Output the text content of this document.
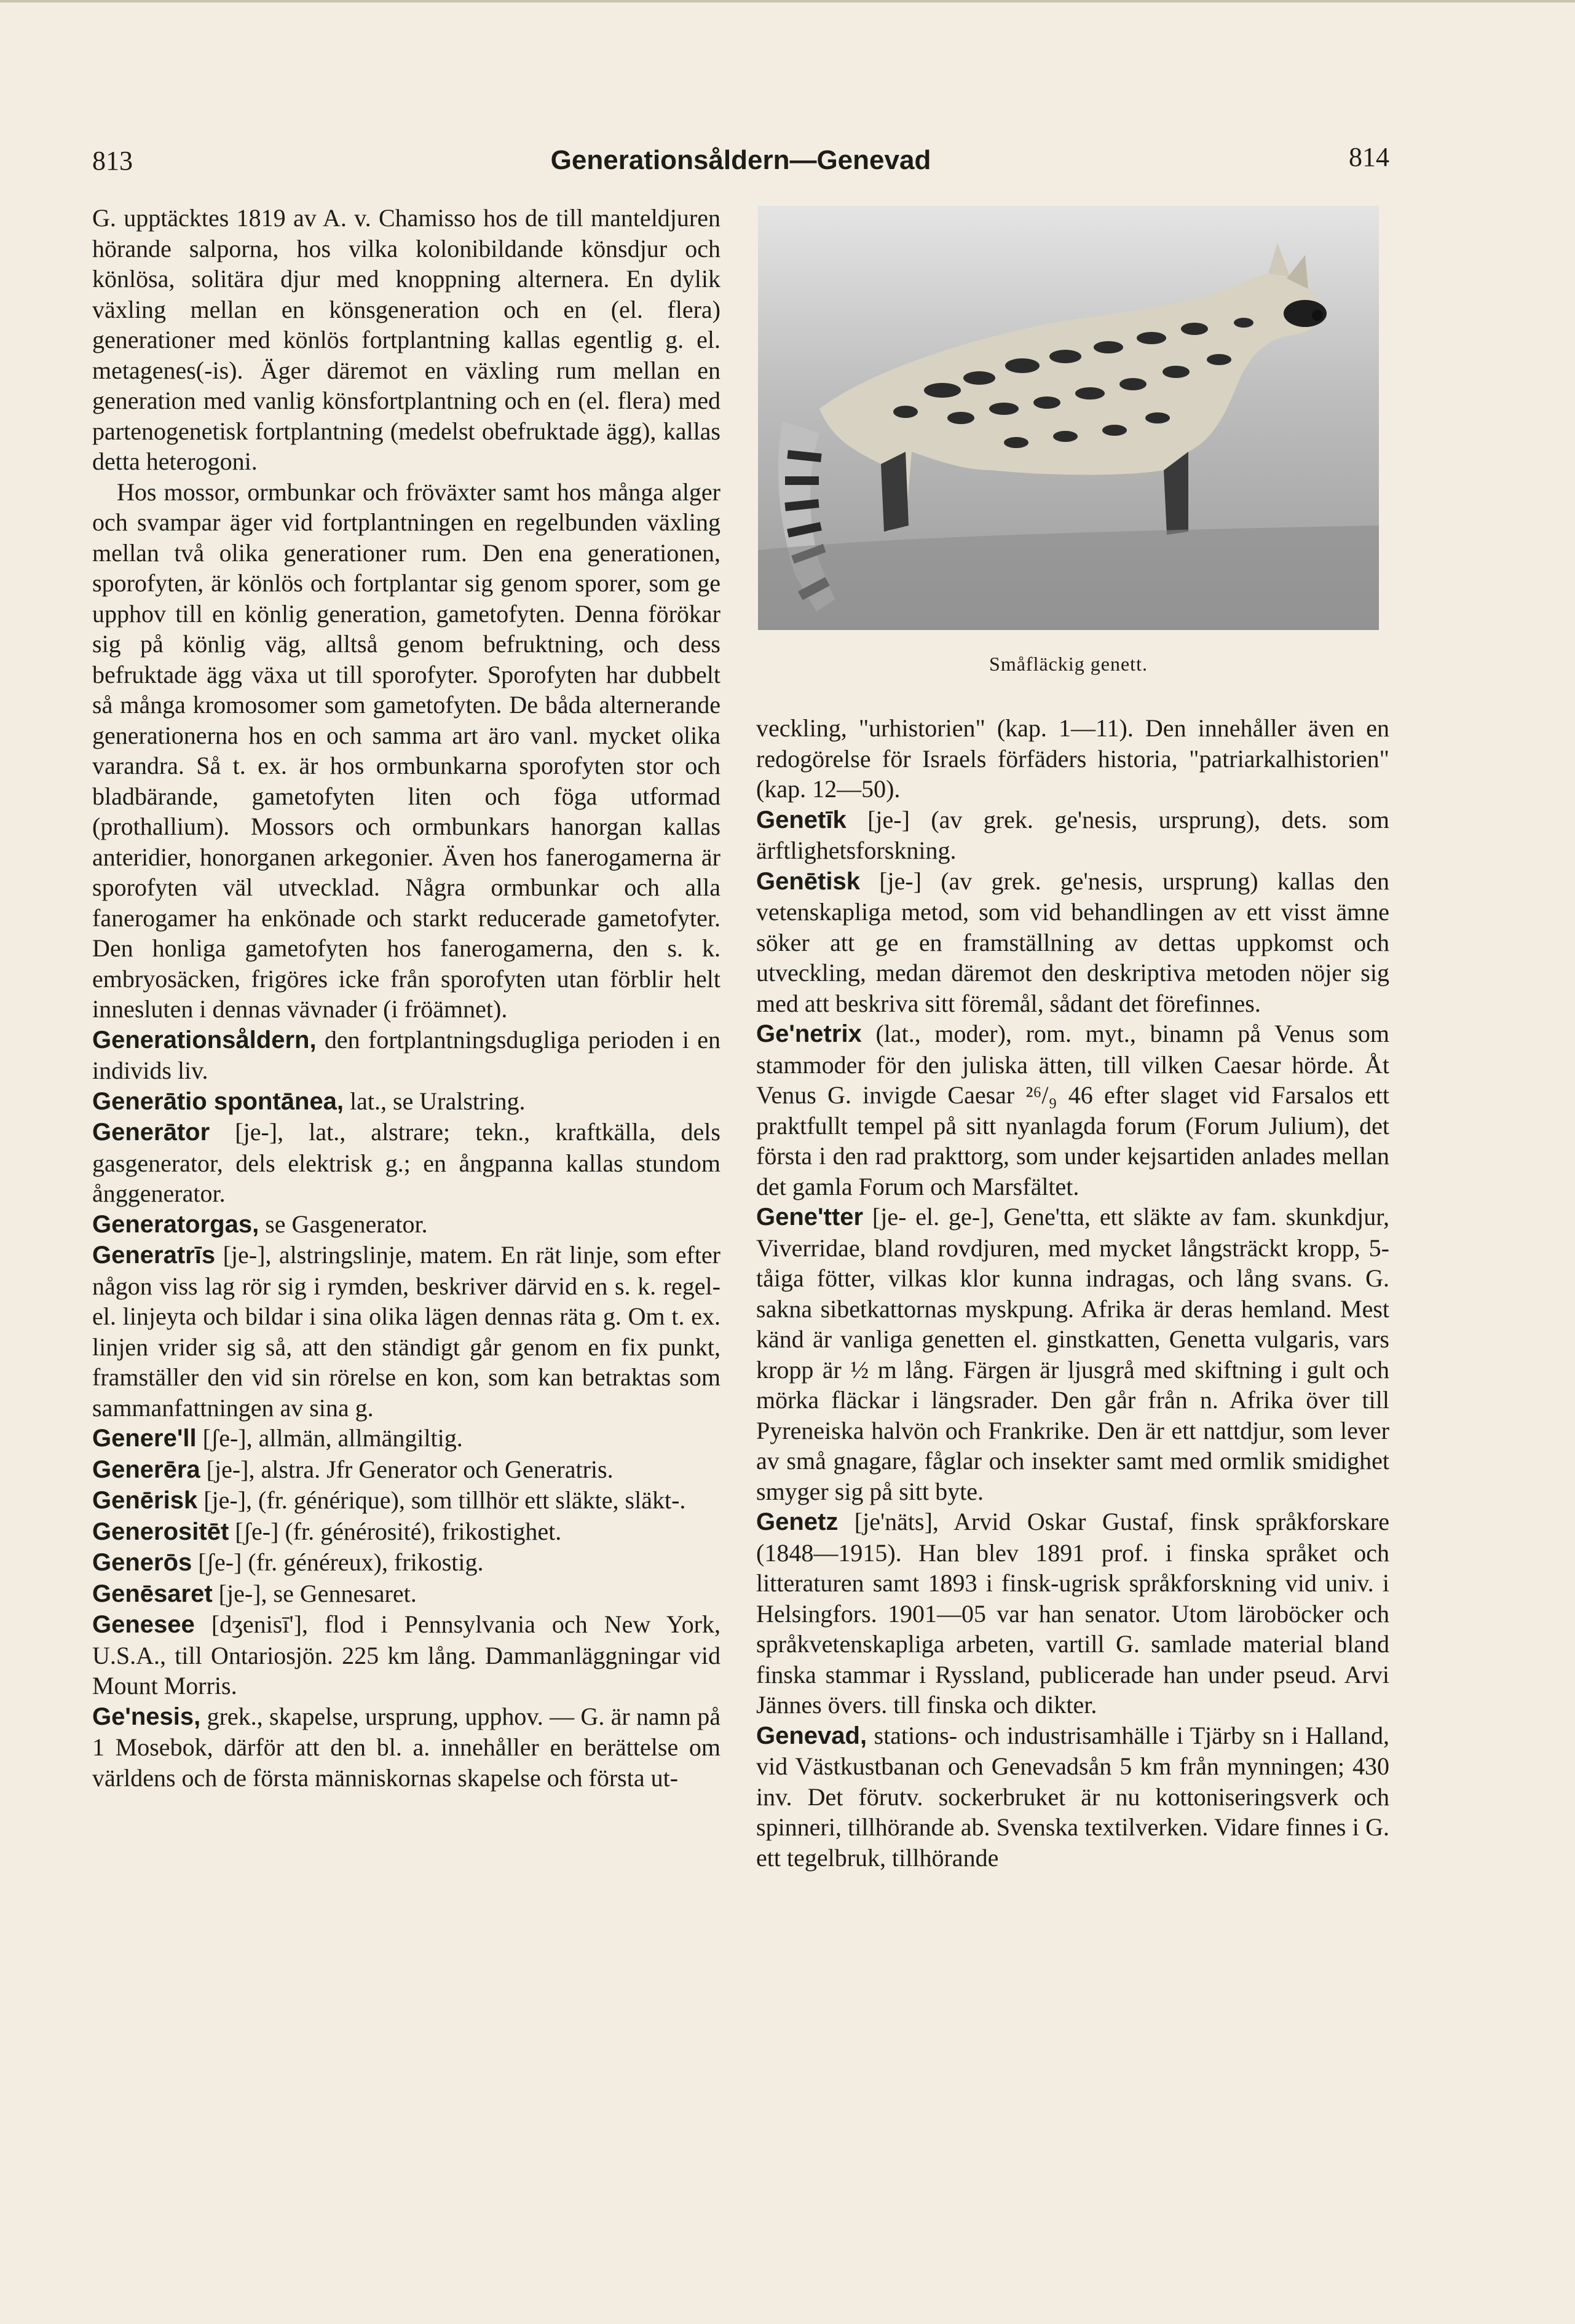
813	Generationsåldern—Genevad	814

G. upptäcktes 1819 av A. v. Chamisso hos de till manteldjuren hörande salporna, hos vilka kolonibildande könsdjur och könlösa, solitära djur med knoppning alternera. En dylik växling mellan en könsgeneration och en (el. flera) generationer med könlös fortplantning kallas egentlig g. el. metagenes(-is). Äger däremot en växling rum mellan en generation med vanlig könsfortplantning och en (el. flera) med partenogenetisk fortplantning (medelst obefruktade ägg), kallas detta heterogoni.

 Hos mossor, ormbunkar och fröväxter samt hos många alger och svampar äger vid fortplantningen en regelbunden växling mellan två olika generationer rum. Den ena generationen, sporofyten, är könlös och fortplantar sig genom sporer, som ge upphov till en könlig generation, gametofyten. Denna förökar sig på könlig väg, alltså genom befruktning, och dess befruktade ägg växa ut till sporofyter. Sporofyten har dubbelt så många kromosomer som gametofyten. De båda alternerande generationerna hos en och samma art äro vanl. mycket olika varandra. Så t. ex. är hos ormbunkarna sporofyten stor och bladbärande, gametofyten liten och föga utformad (prothallium). Mossors och ormbunkars hanorgan kallas anteridier, honorganen arkegonier. Även hos fanerogamerna är sporofyten väl utvecklad. Några ormbunkar och alla fanerogamer ha enkönade och starkt reducerade gametofyter. Den honliga gametofyten hos fanerogamerna, den s. k. embryosäcken, frigöres icke från sporofyten utan förblir helt innesluten i dennas vävnader (i fröämnet).

Generationsåldern, den fortplantningsdugliga perioden i en individs liv.

Generātio spontānea, lat., se Uralstring.

Generātor [je-], lat., alstrare; tekn., kraftkälla, dels gasgenerator, dels elektrisk g.; en ångpanna kallas stundom ånggenerator.

Generatorgas, se Gasgenerator.

Generatrīs [je-], alstringslinje, matem. En rät linje, som efter någon viss lag rör sig i rymden, beskriver därvid en s. k. regel- el. linjeyta och bildar i sina olika lägen dennas räta g. Om t. ex. linjen vrider sig så, att den ständigt går genom en fix punkt, framställer den vid sin rörelse en kon, som kan betraktas som sammanfattningen av sina g.

Genere'll [ʃe-], allmän, allmängiltig.

Generēra [je-], alstra. Jfr Generator och Generatris.

Genērisk [je-], (fr. générique), som tillhör ett släkte, släkt-.

Generositēt [ʃe-] (fr. générosité), frikostighet.

Generōs [ʃe-] (fr. généreux), frikostig.

Genēsaret [je-], se Gennesaret.

Genesee [dʒenisī'], flod i Pennsylvania och New York, U.S.A., till Ontariosjön. 225 km lång. Dammanläggningar vid Mount Morris.

Ge'nesis, grek., skapelse, ursprung, upphov. — G. är namn på 1 Mosebok, därför att den bl. a. innehåller en berättelse om världens och de första människornas skapelse och första ut-

Småfläckig genett.

veckling, "urhistorien" (kap. 1—11). Den innehåller även en redogörelse för Israels förfäders historia, "patriarkalhistorien" (kap. 12—50).

Genetīk [je-] (av grek. ge'nesis, ursprung), dets. som ärftlighetsforskning.

Genētisk [je-] (av grek. ge'nesis, ursprung) kallas den vetenskapliga metod, som vid behandlingen av ett visst ämne söker att ge en framställning av dettas uppkomst och utveckling, medan däremot den deskriptiva metoden nöjer sig med att beskriva sitt föremål, sådant det förefinnes.

Ge'netrix (lat., moder), rom. myt., binamn på Venus som stammoder för den juliska ätten, till vilken Caesar hörde. Åt Venus G. invigde Caesar ²⁶/₉ 46 efter slaget vid Farsalos ett praktfullt tempel på sitt nyanlagda forum (Forum Julium), det första i den rad prakttorg, som under kejsartiden anlades mellan det gamla Forum och Marsfältet.

Gene'tter [je- el. ge-], Gene'tta, ett släkte av fam. skunkdjur, Viverridae, bland rovdjuren, med mycket långsträckt kropp, 5-tåiga fötter, vilkas klor kunna indragas, och lång svans. G. sakna sibetkattornas myskpung. Afrika är deras hemland. Mest känd är vanliga genetten el. ginstkatten, Genetta vulgaris, vars kropp är ½ m lång. Färgen är ljusgrå med skiftning i gult och mörka fläckar i längsrader. Den går från n. Afrika över till Pyreneiska halvön och Frankrike. Den är ett nattdjur, som lever av små gnagare, fåglar och insekter samt med ormlik smidighet smyger sig på sitt byte.

Genetz [je'näts], Arvid Oskar Gustaf, finsk språkforskare (1848—1915). Han blev 1891 prof. i finska språket och litteraturen samt 1893 i finsk-ugrisk språkforskning vid univ. i Helsingfors. 1901—05 var han senator. Utom läroböcker och språkvetenskapliga arbeten, vartill G. samlade material bland finska stammar i Ryssland, publicerade han under pseud. Arvi Jännes övers. till finska och dikter.

Genevad, stations- och industrisamhälle i Tjärby sn i Halland, vid Västkustbanan och Genevadsån 5 km från mynningen; 430 inv. Det förutv. sockerbruket är nu kottoniseringsverk och spinneri, tillhörande ab. Svenska textilverken. Vidare finnes i G. ett tegelbruk, tillhörande
